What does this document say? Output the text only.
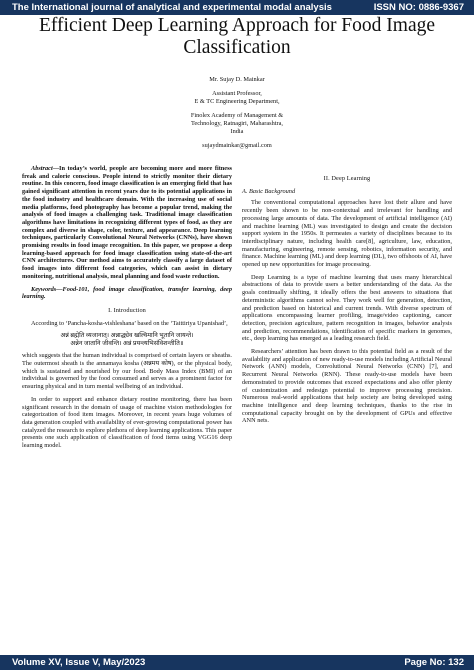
The International journal of analytical and experimental modal analysis	ISSN NO: 0886-9367
Efficient Deep Learning Approach for Food Image Classification
Mr. Sujay D. Mainkar
Assistant Professor,
E & TC Engineering Department,
Finolex Academy of Management &
Technology, Ratnagiri, Maharashtra,
India
sujaydmainkar@gmail.com

Abstract—In today’s world, people are becoming more and more fitness freak and calorie conscious. People intend to strictly monitor their dietary routine. In this concern, food image classification is an emerging field that has gained significant attention in recent years due to its potential applications in the food industry and healthcare domain. With the increasing use of social media platforms, food photography has become a popular trend, making the analysis of food images a challenging task. Traditional image classification algorithms have limitations in recognizing different types of food, as they are complex and diverse in shape, color, texture, and appearance. Deep learning techniques, particularly Convolutional Neural Networks (CNNs), have shown promising results in food image recognition. In this paper, we propose a deep learning-based approach for food image classification using state-of-the-art CNN architectures. Our method aims to accurately classify a large dataset of food images into different food categories, which can assist in dietary monitoring, nutritional analysis, meal planning and food waste reduction.

Keywords—Food-101, food image classification, transfer learning, deep learning.

I. Introduction

According to ‘Pancha-kosha-vishleshana’ based on the ‘Taittiriya Upanishad’,

अन्नं ब्रह्मेति व्यजानात्। अन्नाद्ध्येव खल्विमानि भूतानि जायन्ते।
अन्नेन जातानि जीवन्ति। अन्नं प्रयन्त्यभिसंविशन्तीति॥

which suggests that the human individual is comprised of certain layers or sheaths. The outermost sheath is the annamaya kosha (अन्नमय कोष), or the physical body, which is sustained and nourished by our food. Body Mass Index (BMI) of an individual is governed by the food consumed and serves as a prominent factor for ensuring physical and in turn mental wellbeing of an individual.

In order to support and enhance dietary routine monitoring, there has been significant research in the domain of usage of machine vision methodologies for categorization of food item images. Moreover, in recent years huge volumes of data generation coupled with availability of ever-growing computational power has catalyzed the research to explore plethora of deep learning applications. This paper presents one such application of classification of food items using VGG16 deep learning model.

II. Deep Learning
A. Basic Background

The conventional computational approaches have lost their allure and have recently been shown to be non-contextual and irrelevant for handling and processing large amounts of data. The development of artificial intelligence (AI) and machine learning (ML) was investigated to design and create the decision support system in the 1950s. It permeates a variety of disciplines because to its interdisciplinary nature, including health care[8], agriculture, law, education, manufacturing, engineering, remote sensing, robotics, information security, and finance. Machine learning (ML) and deep learning (DL), two offshoots of AI, have opened up new opportunities for image processing.

Deep Learning is a type of machine learning that uses many hierarchical abstractions of data to provide users a better understanding of the data. As the goals continually shifting, it ideally offers the best answers to situations that deterministic algorithms cannot solve. They work well for generation, detection, and prediction based on historical and current trends. With diverse spectrum of applications encompassing learner profiling, image/video captioning, cancer detection, precision agriculture, pattern recognition in images, behavior analysis and prediction, recommendations, identification of specific markers in genomes, etc., deep learning has emerged as a leading research field.

Researchers’ attention has been drawn to this potential field as a result of the availability and application of new ready-to-use models including Artificial Neural Network (ANN) models, Convolutional Neural Networks (CNN) [7], and Recurrent Neural Networks (RNN). These ready-to-use models have been demonstrated to provide outcomes that exceed expectations and also offer plenty of customization and redesign potential to improve processing precision. Numerous real-world applications that help society are being developed using machine intelligence and deep learning techniques, thanks to the rise in computational capacity brought on by the development of GPUs and effective ANN nets.

Volume XV, Issue V, May/2023	Page No: 132
